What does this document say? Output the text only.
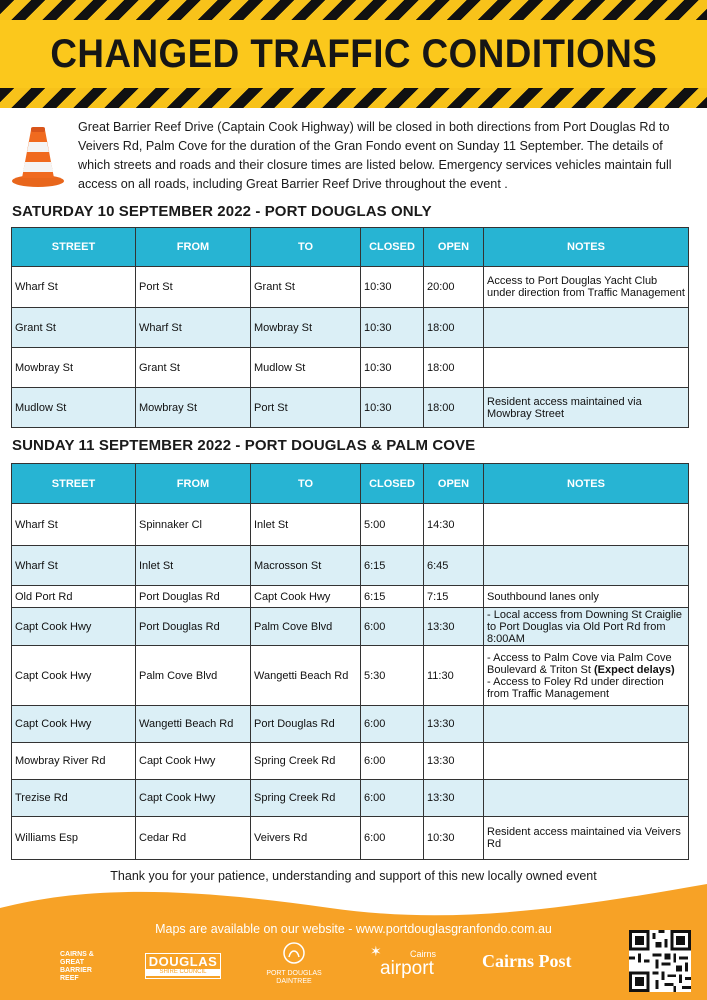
CHANGED TRAFFIC CONDITIONS
Great Barrier Reef Drive (Captain Cook Highway) will be closed in both directions from Port Douglas Rd to Veivers Rd, Palm Cove for the duration of the Gran Fondo event on Sunday 11 September. The details of which streets and roads and their closure times are listed below. Emergency services vehicles maintain full access on all roads, including Great Barrier Reef Drive throughout the event .
SATURDAY 10 SEPTEMBER 2022 - PORT DOUGLAS ONLY
STREET	FROM	TO	CLOSED	OPEN	NOTES
Wharf St	Port St	Grant St	10:30	20:00	Access to Port Douglas Yacht Club under direction from Traffic Management
Grant St	Wharf St	Mowbray St	10:30	18:00	
Mowbray St	Grant St	Mudlow St	10:30	18:00	
Mudlow St	Mowbray St	Port St	10:30	18:00	Resident access maintained via Mowbray Street
SUNDAY 11 SEPTEMBER 2022 - PORT DOUGLAS & PALM COVE
STREET	FROM	TO	CLOSED	OPEN	NOTES
Wharf St	Spinnaker Cl	Inlet St	5:00	14:30	
Wharf St	Inlet St	Macrosson St	6:15	6:45	
Old Port Rd	Port Douglas Rd	Capt Cook Hwy	6:15	7:15	Southbound lanes only
Capt Cook Hwy	Port Douglas Rd	Palm Cove Blvd	6:00	13:30	- Local access from Downing St Craiglie to Port Douglas via Old Port Rd from 8:00AM
Capt Cook Hwy	Palm Cove Blvd	Wangetti Beach Rd	5:30	11:30	- Access to Palm Cove via Palm Cove Boulevard & Triton St (Expect delays)
- Access to Foley Rd under direction from Traffic Management
Capt Cook Hwy	Wangetti Beach Rd	Port Douglas Rd	6:00	13:30	
Mowbray River Rd	Capt Cook Hwy	Spring Creek Rd	6:00	13:30	
Trezise Rd	Capt Cook Hwy	Spring Creek Rd	6:00	13:30	
Williams Esp	Cedar Rd	Veivers Rd	6:00	10:30	Resident access maintained via Veivers Rd
Thank you for your patience, understanding and support of this new locally owned event
Maps are available on our website - www.portdouglasgranfondo.com.au
CAIRNS &
GREAT
BARRIER
REEF
DOUGLAS
SHIRE COUNCIL	PORT DOUGLAS
DAINTREE
✶	Cairns
airport	Cairns Post
